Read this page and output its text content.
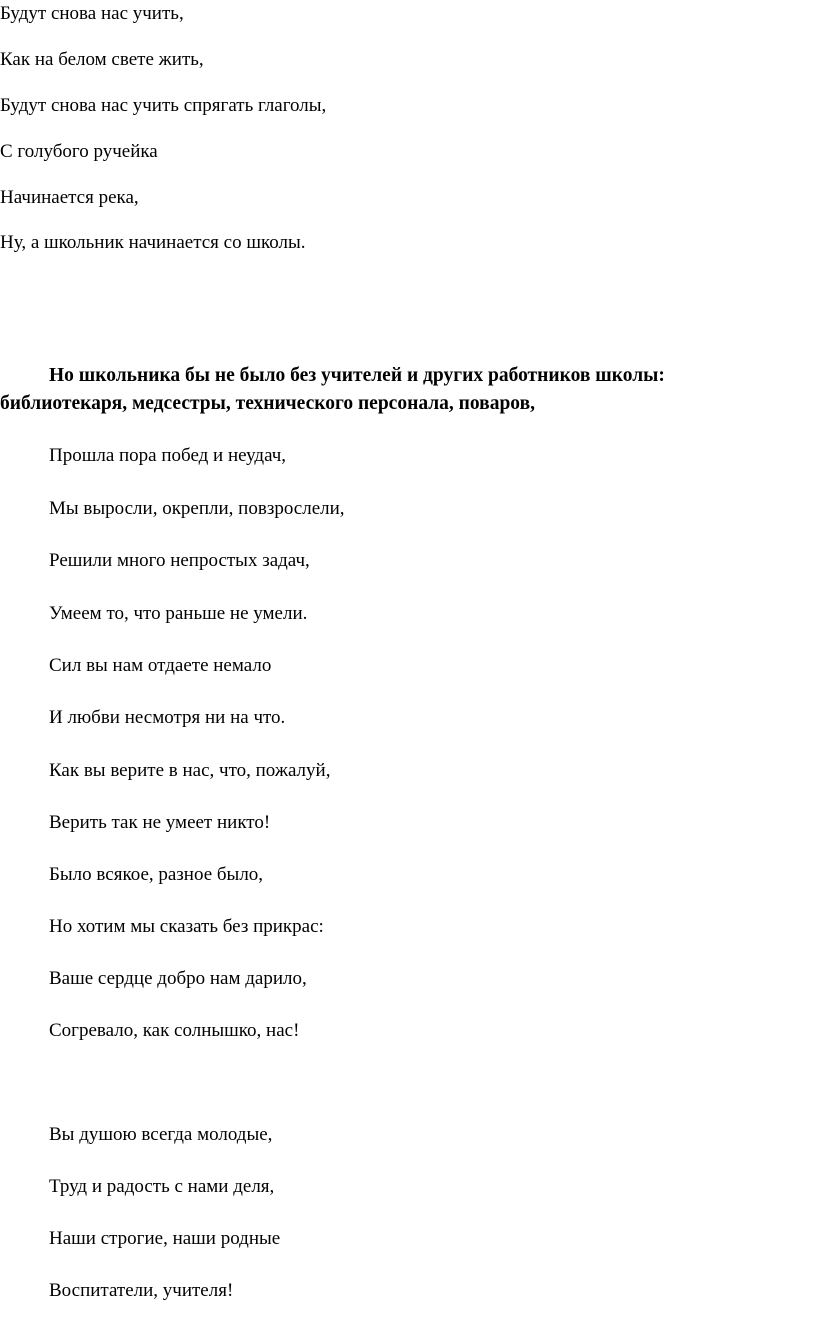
Будут снова нас учить,
Как на белом свете жить,
Будут снова нас учить спрягать глаголы,
С голубого ручейка
Начинается река,
Ну, а школьник начинается со школы.
Но школьника бы не было без учителей и других работников школы:
библиотекаря, медсестры, технического персонала, поваров,
Прошла пора побед и неудач,
Мы выросли, окрепли, повзрослели,
Решили много непростых задач,
Умеем то, что раньше не умели.
Сил вы нам отдаете немало
И любви несмотря ни на что.
Как вы верите в нас, что, пожалуй,
Верить так не умеет никто!
Было всякое, разное было,
Но хотим мы сказать без прикрас:
Ваше сердце добро нам дарило,
Согревало, как солнышко, нас!
Вы душою всегда молодые,
Труд и радость с нами деля,
Наши строгие, наши родные
Воспитатели, учителя!
